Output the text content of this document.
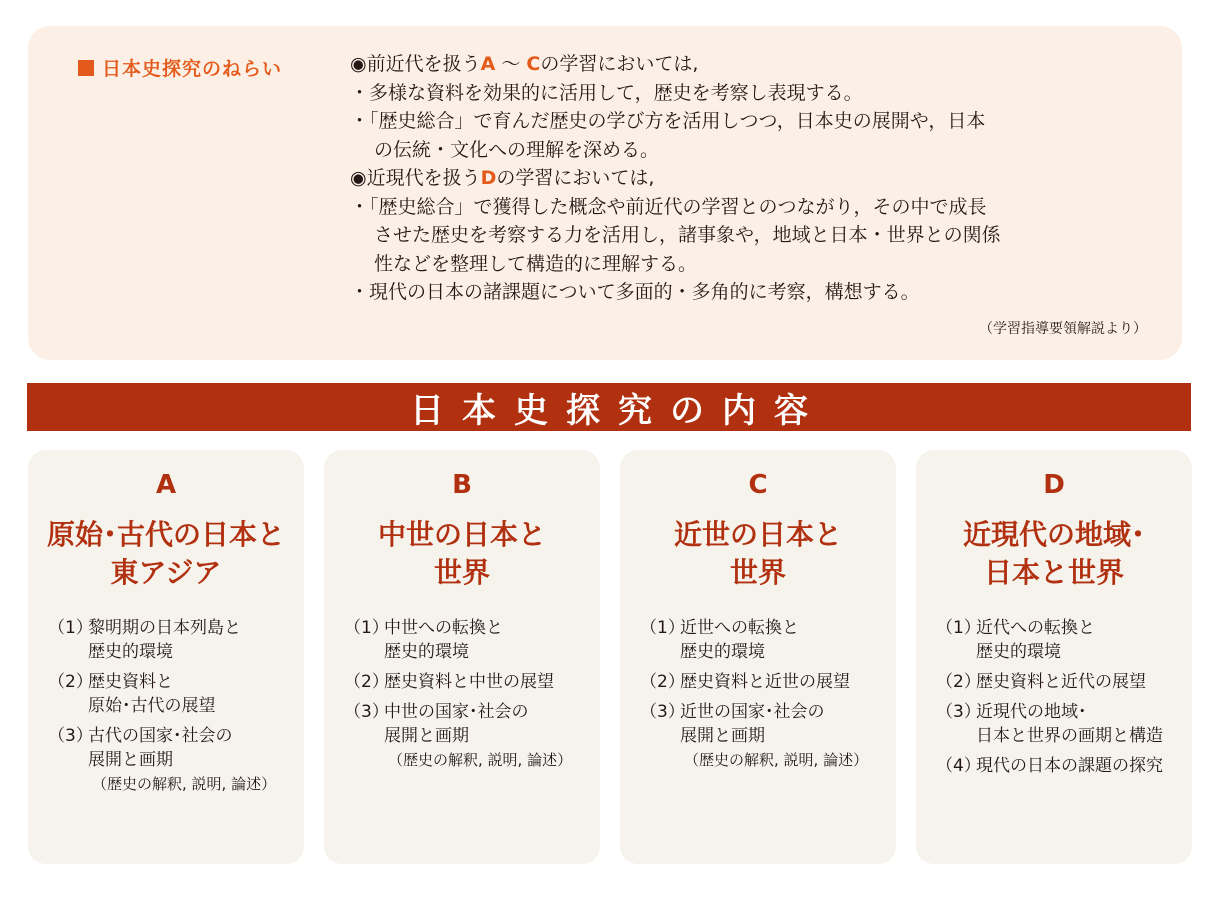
日本史探究のねらい	◉前近代を扱うA ～ Cの学習においては,
・多様な資料を効果的に活用して，歴史を考察し表現する。
・「歴史総合」で育んだ歴史の学び方を活用しつつ，日本史の展開や，日本
の伝統・文化への理解を深める。
◉近現代を扱うDの学習においては,
・「歴史総合」で獲得した概念や前近代の学習とのつながり，その中で成長
させた歴史を考察する力を活用し，諸事象や，地域と日本・世界との関係
性などを整理して構造的に理解する。
・現代の日本の諸課題について多面的・多角的に考察，構想する。
（学習指導要領解説より）
日本史探究の内容
A
原始･古代の日本と
東アジア
（1）黎明期の日本列島と
歴史的環境
（2）歴史資料と
原始･古代の展望
（3）古代の国家･社会の
展開と画期
（歴史の解釈, 説明, 論述）
B
中世の日本と
世界
（1）中世への転換と
歴史的環境
（2）歴史資料と中世の展望
（3）中世の国家･社会の
展開と画期
（歴史の解釈, 説明, 論述）
C
近世の日本と
世界
（1）近世への転換と
歴史的環境
（2）歴史資料と近世の展望
（3）近世の国家･社会の
展開と画期
（歴史の解釈, 説明, 論述）
D
近現代の地域･
日本と世界
（1）近代への転換と
歴史的環境
（2）歴史資料と近代の展望
（3）近現代の地域･
日本と世界の画期と構造
（4）現代の日本の課題の探究
